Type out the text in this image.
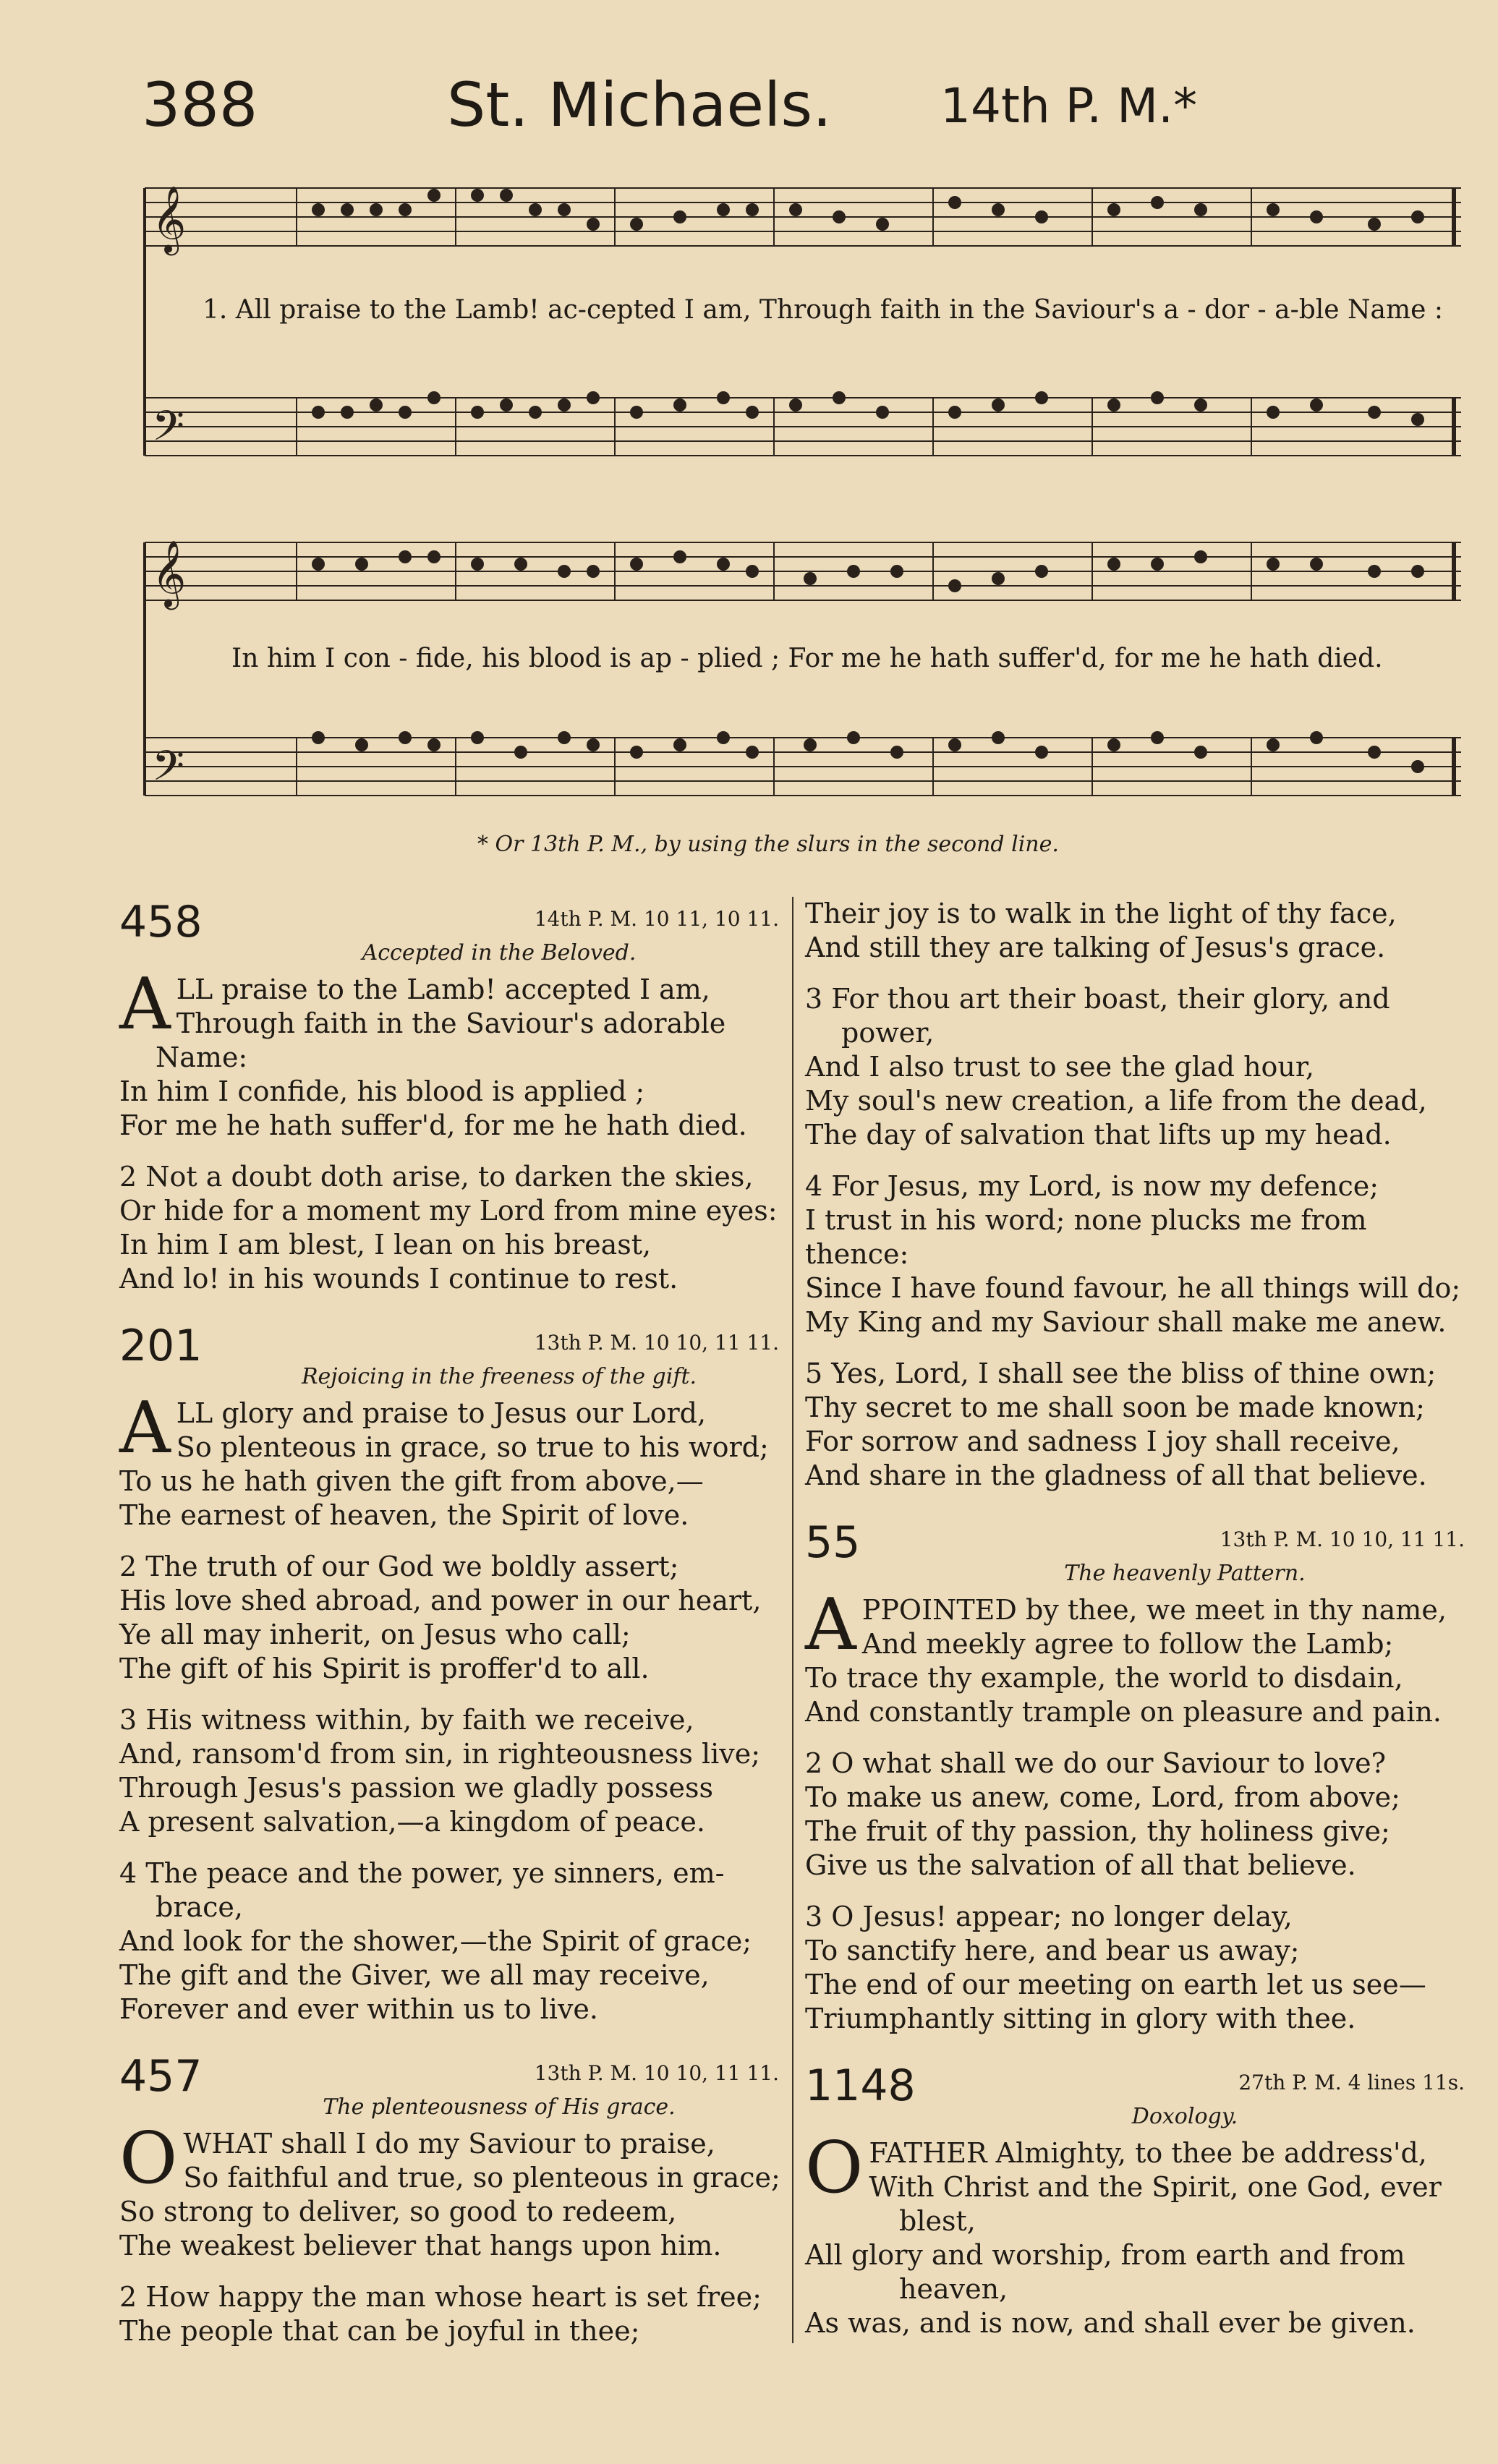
388	St. Michaels. 14th P. M.*
𝄞
𝄢
1. All praise to the Lamb! ac-cepted I am, Through faith in the Saviour's a - dor - a-ble Name :
𝄞
𝄢
In him I con - fide, his blood is ap - plied ; For me he hath suffer'd, for me he hath died.
* Or 13th P. M., by using the slurs in the second line.
458	14th P. M. 10 11, 10 11.
Accepted in the Beloved.
A LL praise to the Lamb! accepted I am,

Through faith in the Saviour's adorable

Name:

In him I confide, his blood is applied ;

For me he hath suffer'd, for me he hath died.

2 Not a doubt doth arise, to darken the skies,

Or hide for a moment my Lord from mine eyes:

In him I am blest, I lean on his breast,

And lo! in his wounds I continue to rest.

201	13th P. M. 10 10, 11 11.
Rejoicing in the freeness of the gift.
A LL glory and praise to Jesus our Lord,

So plenteous in grace, so true to his word;

To us he hath given the gift from above,—

The earnest of heaven, the Spirit of love.

2 The truth of our God we boldly assert;

His love shed abroad, and power in our heart,

Ye all may inherit, on Jesus who call;

The gift of his Spirit is proffer'd to all.

3 His witness within, by faith we receive,

And, ransom'd from sin, in righteousness live;

Through Jesus's passion we gladly possess

A present salvation,—a kingdom of peace.

4 The peace and the power, ye sinners, em-

brace,

And look for the shower,—the Spirit of grace;

The gift and the Giver, we all may receive,

Forever and ever within us to live.

457	13th P. M. 10 10, 11 11.
The plenteousness of His grace.
O WHAT shall I do my Saviour to praise,

So faithful and true, so plenteous in grace;

So strong to deliver, so good to redeem,

The weakest believer that hangs upon him.

2 How happy the man whose heart is set free;

The people that can be joyful in thee;

Their joy is to walk in the light of thy face,

And still they are talking of Jesus's grace.

3 For thou art their boast, their glory, and

power,

And I also trust to see the glad hour,

My soul's new creation, a life from the dead,

The day of salvation that lifts up my head.

4 For Jesus, my Lord, is now my defence;

I trust in his word; none plucks me from thence:

Since I have found favour, he all things will do;

My King and my Saviour shall make me anew.

5 Yes, Lord, I shall see the bliss of thine own;

Thy secret to me shall soon be made known;

For sorrow and sadness I joy shall receive,

And share in the gladness of all that believe.

55	13th P. M. 10 10, 11 11.
The heavenly Pattern.
A PPOINTED by thee, we meet in thy name,

And meekly agree to follow the Lamb;

To trace thy example, the world to disdain,

And constantly trample on pleasure and pain.

2 O what shall we do our Saviour to love?

To make us anew, come, Lord, from above;

The fruit of thy passion, thy holiness give;

Give us the salvation of all that believe.

3 O Jesus! appear; no longer delay,

To sanctify here, and bear us away;

The end of our meeting on earth let us see—

Triumphantly sitting in glory with thee.

1148	27th P. M. 4 lines 11s.
Doxology.
O FATHER Almighty, to thee be address'd,

With Christ and the Spirit, one God, ever

blest,

All glory and worship, from earth and from

heaven,

As was, and is now, and shall ever be given.
